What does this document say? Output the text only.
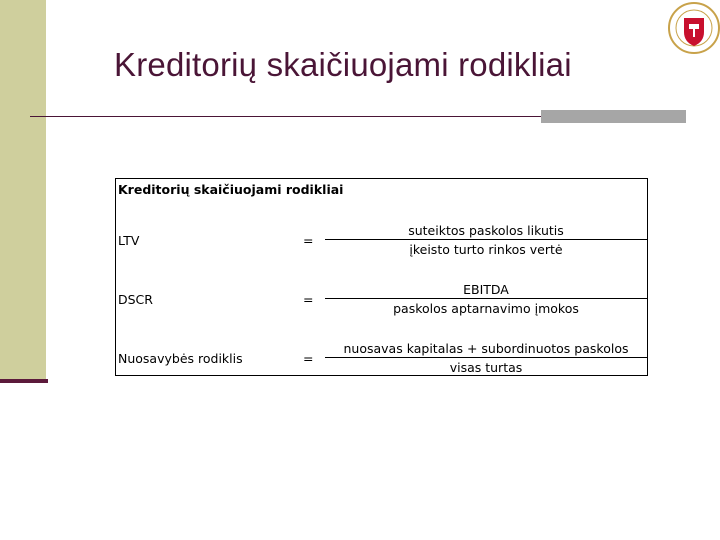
Kreditorių skaičiuojami rodikliai
Kreditorių skaičiuojami rodikliai
suteiktos paskolos likutis
LTV	=
įkeisto turto rinkos vertė
EBITDA
DSCR	=
paskolos aptarnavimo įmokos
nuosavas kapitalas + subordinuotos paskolos
Nuosavybės rodiklis	=
visas turtas
